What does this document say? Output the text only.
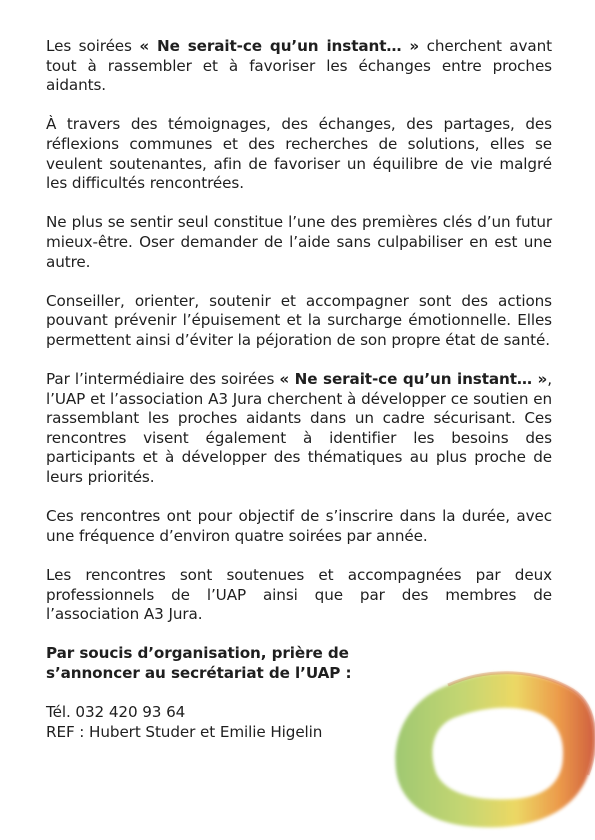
Les soirées « Ne serait-ce qu’un instant… » cherchent avant tout à rassembler et à favoriser les échanges entre proches aidants.

À travers des témoignages, des échanges, des partages, des réflexions communes et des recherches de solutions, elles se veulent soutenantes, afin de favoriser un équilibre de vie malgré les difficultés rencontrées.

Ne plus se sentir seul constitue l’une des premières clés d’un futur mieux-être. Oser demander de l’aide sans culpabiliser en est une autre.

Conseiller, orienter, soutenir et accompagner sont des actions pouvant prévenir l’épuisement et la surcharge émotionnelle. Elles permettent ainsi d’éviter la péjoration de son propre état de santé.

Par l’intermédiaire des soirées « Ne serait-ce qu’un instant… », l’UAP et l’association A3 Jura cherchent à développer ce soutien en rassemblant les proches aidants dans un cadre sécurisant. Ces rencontres visent également à identifier les besoins des participants et à développer des thématiques au plus proche de leurs priorités.

Ces rencontres ont pour objectif de s’inscrire dans la durée, avec une fréquence d’environ quatre soirées par année.

Les rencontres sont soutenues et accompagnées par deux professionnels de l’UAP ainsi que par des membres de l’association A3 Jura.

Par soucis d’organisation, prière de s’annoncer au secrétariat de l’UAP :

Tél. 032 420 93 64
REF : Hubert Studer et Emilie Higelin
